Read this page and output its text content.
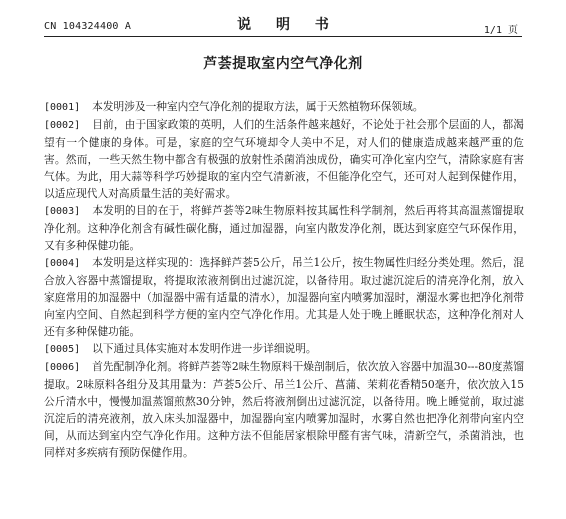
CN 104324400 A	说 明 书	1/1 页
芦荟提取室内空气净化剂

[0001] 本发明涉及一种室内空气净化剂的提取方法，属于天然植物环保领域。

[0002] 目前，由于国家政策的英明，人们的生活条件越来越好，不论处于社会那个层面的人，都渴望有一个健康的身体。可是，家庭的空气环境却令人美中不足，对人们的健康造成越来越严重的危害。然而，一些天然生物中都含有极强的放射性杀菌消浊成份，确实可净化室内空气，清除家庭有害气体。为此，用大蒜等科学巧妙提取的室内空气清新液，不但能净化空气，还可对人起到保健作用，以适应现代人对高质量生活的美好需求。

[0003] 本发明的目的在于，将鲜芦荟等2味生物原料按其属性科学制剂，然后再将其高温蒸馏提取净化剂。这种净化剂含有碱性碳化酶，通过加湿器，向室内散发净化剂，既达到家庭空气环保作用，又有多种保健功能。

[0004] 本发明是这样实现的：选择鲜芦荟5公斤，吊兰1公斤，按生物属性归经分类处理。然后，混合放入容器中蒸馏提取，将提取浓液剂倒出过滤沉淀，以备待用。取过滤沉淀后的清亮净化剂，放入家庭常用的加湿器中（加湿器中需有适量的清水），加湿器向室内喷雾加湿时，潮湿水雾也把净化剂带向室内空间、自然起到科学方便的室内空气净化作用。尤其是人处于晚上睡眠状态，这种净化剂对人还有多种保健功能。

[0005] 以下通过具体实施对本发明作进一步详细说明。

[0006] 首先配制净化剂。将鲜芦荟等2味生物原料干燥剖制后，依次放入容器中加温30---80度蒸馏提取。2味原料各组分及其用量为：芦荟5公斤、吊兰1公斤、菖蒲、茉莉花香精50毫升，依次放入15公斤清水中，慢慢加温蒸馏煎熬30分钟，然后将液剂倒出过滤沉淀，以备待用。晚上睡觉前，取过滤沉淀后的清亮液剂，放入床头加湿器中，加湿器向室内喷雾加湿时，水雾自然也把净化剂带向室内空间，从而达到室内空气净化作用。这种方法不但能居家根除甲醛有害气味，清新空气，杀菌消浊，也同样对多疾病有预防保健作用。
